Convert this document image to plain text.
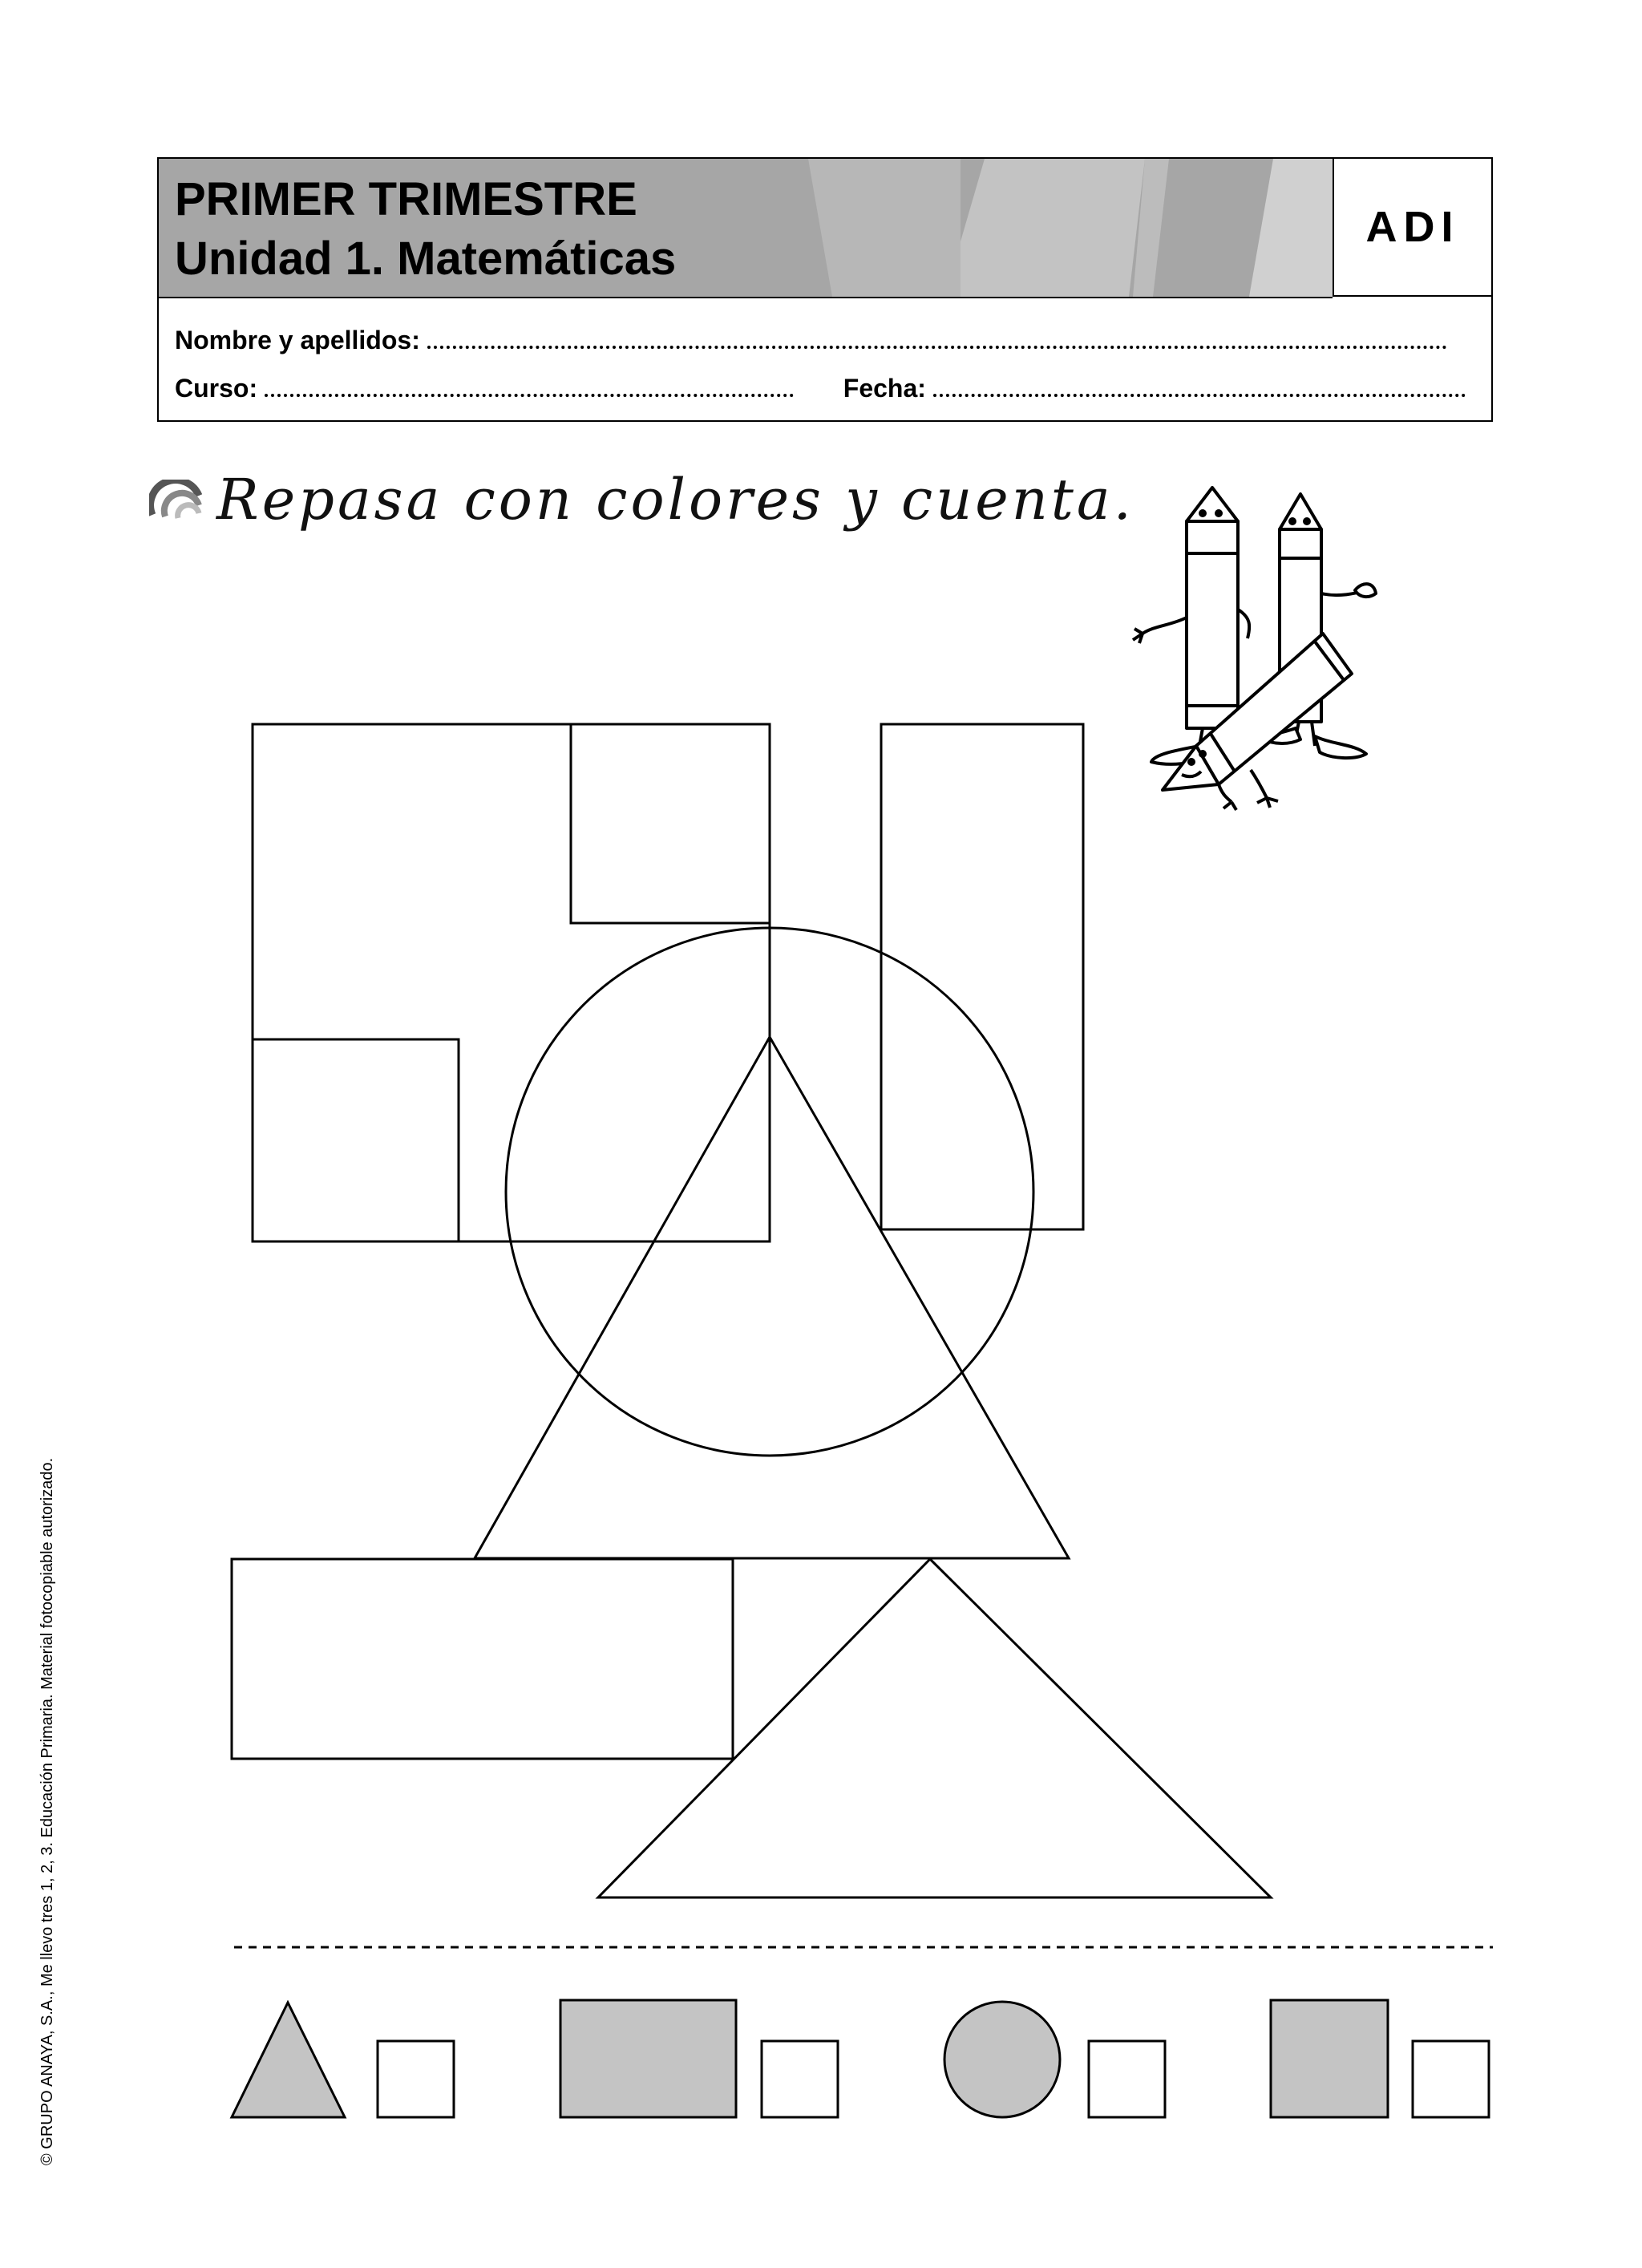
PRIMER TRIMESTRE
Unidad 1. Matemáticas
ADI
Nombre y apellidos:
Curso:	Fecha:
Repasa con colores y cuenta.
© GRUPO ANAYA, S.A., Me llevo tres 1, 2, 3. Educación Primaria. Material fotocopiable autorizado.
